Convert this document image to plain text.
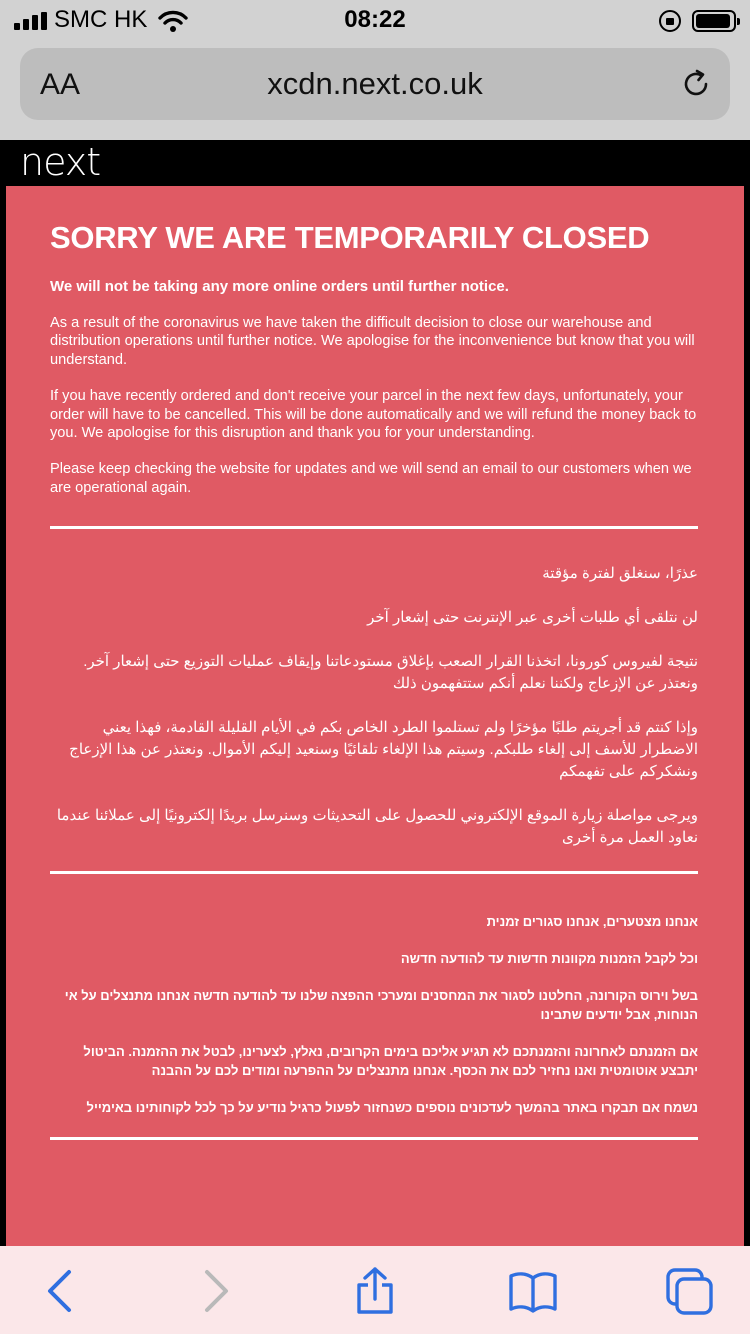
SMC HK	08:22
AA	xcdn.next.co.uk
next
SORRY WE ARE TEMPORARILY CLOSED

We will not be taking any more online orders until further notice.

As a result of the coronavirus we have taken the difficult decision to close our warehouse and distribution operations until further notice. We apologise for the inconvenience but know that you will understand.

If you have recently ordered and don't receive your parcel in the next few days, unfortunately, your order will have to be cancelled. This will be done automatically and we will refund the money back to you. We apologise for this disruption and thank you for your understanding.

Please keep checking the website for updates and we will send an email to our customers when we are operational again.

عذرًا، سنغلق لفترة مؤقتة

لن نتلقى أي طلبات أخرى عبر الإنترنت حتى إشعار آخر

نتيجة لفيروس كورونا، اتخذنا القرار الصعب بإغلاق مستودعاتنا وإيقاف عمليات التوزيع حتى إشعار آخر. ونعتذر عن الإزعاج ولكننا نعلم أنكم ستتفهمون ذلك

وإذا كنتم قد أجريتم طلبًا مؤخرًا ولم تستلموا الطرد الخاص بكم في الأيام القليلة القادمة، فهذا يعني الاضطرار للأسف إلى إلغاء طلبكم. وسيتم هذا الإلغاء تلقائيًا وسنعيد إليكم الأموال. ونعتذر عن هذا الإزعاج ونشكركم على تفهمكم

ويرجى مواصلة زيارة الموقع الإلكتروني للحصول على التحديثات وسنرسل بريدًا إلكترونيًا إلى عملائنا عندما نعاود العمل مرة أخرى

אנחנו מצטערים, אנחנו סגורים זמנית

וכל לקבל הזמנות מקוונות חדשות עד להודעה חדשה

בשל וירוס הקורונה, החלטנו לסגור את המחסנים ומערכי ההפצה שלנו עד להודעה חדשה אנחנו מתנצלים על אי הנוחות, אבל יודעים שתבינו

אם הזמנתם לאחרונה והזמנתכם לא תגיע אליכם בימים הקרובים, נאלץ, לצערינו, לבטל את ההזמנה. הביטול יתבצע אוטומטית ואנו נחזיר לכם את הכסף. אנחנו מתנצלים על ההפרעה ומודים לכם על ההבנה

נשמח אם תבקרו באתר בהמשך לעדכונים נוספים כשנחזור לפעול כרגיל נודיע על כך לכל לקוחותינו באימייל
